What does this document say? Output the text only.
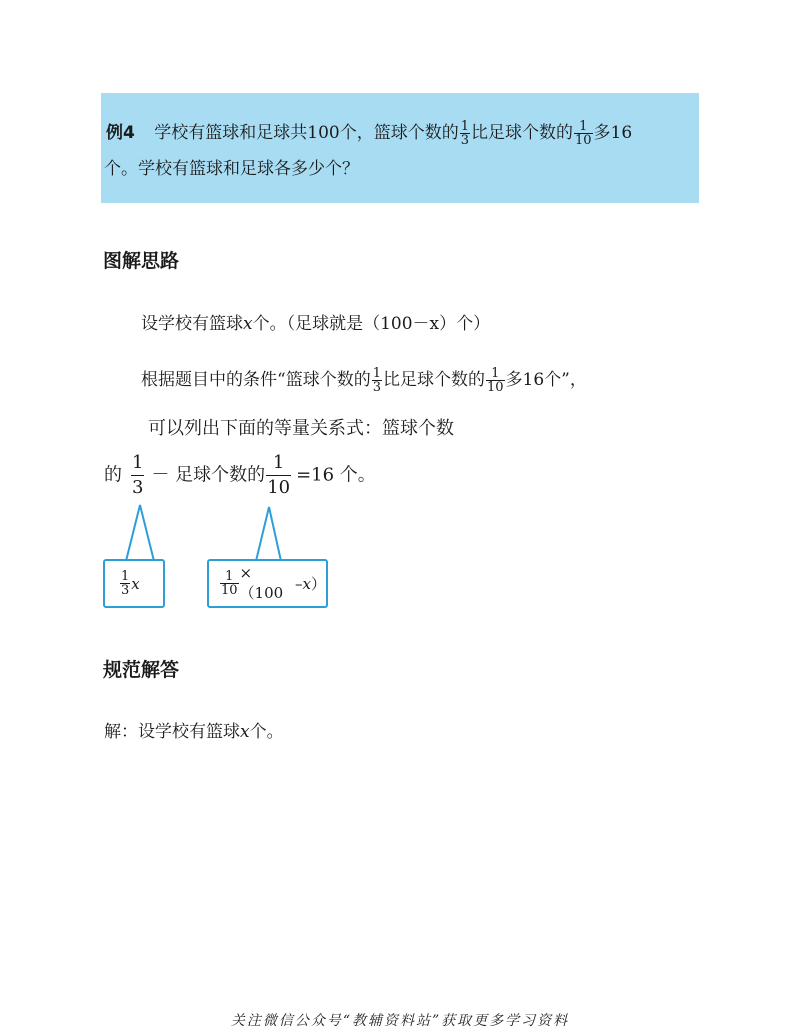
例4 学校有篮球和足球共100个，篮球个数的 $\frac{1}{3}$ 比足球个数的 $\frac{1}{10}$ 多16
个。学校有篮球和足球各多少个？
图解思路
设学校有篮球x个。（足球就是（100－x）个）
根据题目中的条件“篮球个数的 $\frac{1}{3}$ 比足球个数的 $\frac{1}{10}$ 多16个”，
可以列出下面的等量关系式：篮球个数
的 $\frac{1}{3}$ － 足球个数的 $\frac{1}{10} =16$ 个。
$\frac{1}{3}$ x	$\frac{1}{10} \times(100$
– x ）
规范解答
解：设学校有篮球x个。
关注微信公众号“教辅资料站”获取更多学习资料
